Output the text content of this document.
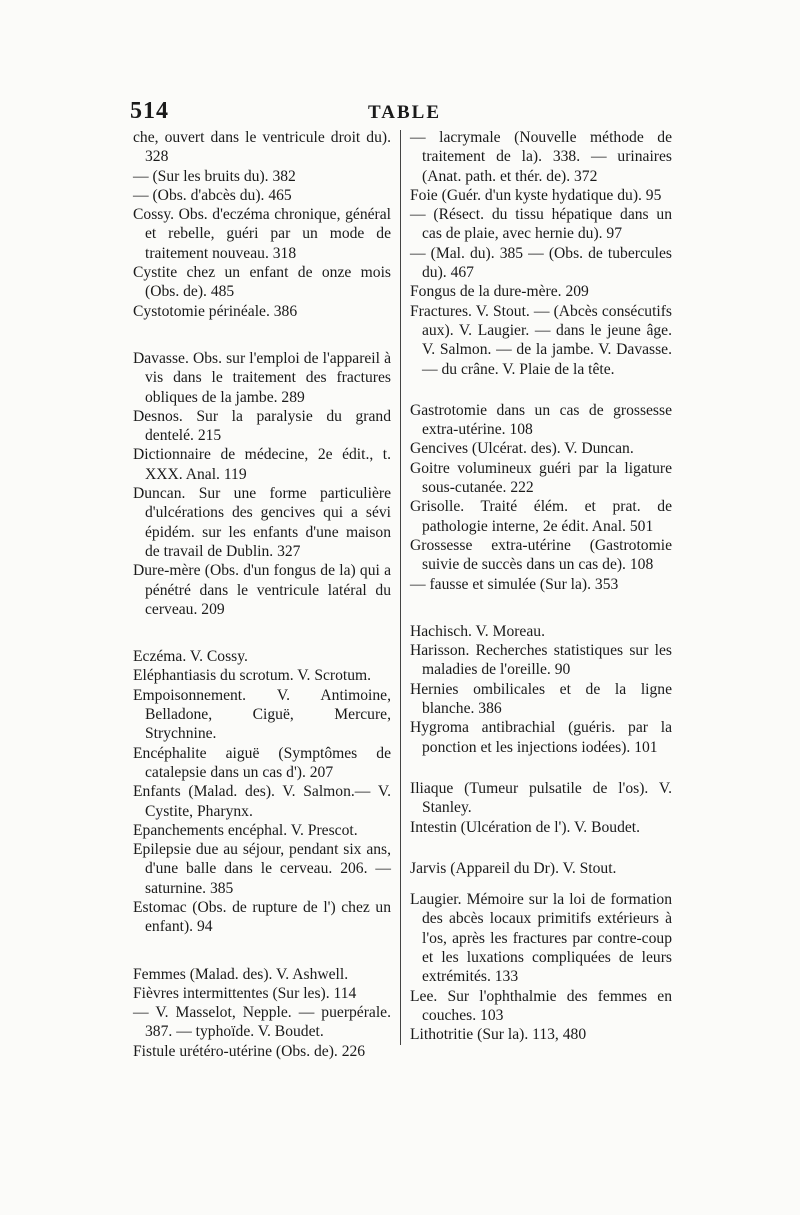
514	TABLE
che, ouvert dans le ventricule droit du). 328
— (Sur les bruits du). 382
— (Obs. d'abcès du). 465
Cossy. Obs. d'eczéma chronique, général et rebelle, guéri par un mode de traitement nouveau. 318
Cystite chez un enfant de onze mois (Obs. de). 485
Cystotomie périnéale. 386
Davasse. Obs. sur l'emploi de l'appareil à vis dans le traitement des fractures obliques de la jambe. 289
Desnos. Sur la paralysie du grand dentelé. 215
Dictionnaire de médecine, 2e édit., t. XXX. Anal. 119
Duncan. Sur une forme particulière d'ulcérations des gencives qui a sévi épidém. sur les enfants d'une maison de travail de Dublin. 327
Dure-mère (Obs. d'un fongus de la) qui a pénétré dans le ventricule latéral du cerveau. 209
Eczéma. V. Cossy.
Eléphantiasis du scrotum. V. Scrotum.
Empoisonnement. V. Antimoine, Belladone, Ciguë, Mercure, Strychnine.
Encéphalite aiguë (Symptômes de catalepsie dans un cas d'). 207
Enfants (Malad. des). V. Salmon.— V. Cystite, Pharynx.
Epanchements encéphal. V. Prescot.
Epilepsie due au séjour, pendant six ans, d'une balle dans le cerveau. 206. — saturnine. 385
Estomac (Obs. de rupture de l') chez un enfant). 94
Femmes (Malad. des). V. Ashwell.
Fièvres intermittentes (Sur les). 114
— V. Masselot, Nepple. — puerpérale. 387. — typhoïde. V. Boudet.
Fistule urétéro-utérine (Obs. de). 226
— lacrymale (Nouvelle méthode de traitement de la). 338. — urinaires (Anat. path. et thér. de). 372
Foie (Guér. d'un kyste hydatique du). 95
— (Résect. du tissu hépatique dans un cas de plaie, avec hernie du). 97
— (Mal. du). 385 — (Obs. de tubercules du). 467
Fongus de la dure-mère. 209
Fractures. V. Stout. — (Abcès consécutifs aux). V. Laugier. — dans le jeune âge. V. Salmon. — de la jambe. V. Davasse. — du crâne. V. Plaie de la tête.
Gastrotomie dans un cas de grossesse extra-utérine. 108
Gencives (Ulcérat. des). V. Duncan.
Goitre volumineux guéri par la ligature sous-cutanée. 222
Grisolle. Traité élém. et prat. de pathologie interne, 2e édit. Anal. 501
Grossesse extra-utérine (Gastrotomie suivie de succès dans un cas de). 108
— fausse et simulée (Sur la). 353
Hachisch. V. Moreau.
Harisson. Recherches statistiques sur les maladies de l'oreille. 90
Hernies ombilicales et de la ligne blanche. 386
Hygroma antibrachial (guéris. par la ponction et les injections iodées). 101
Iliaque (Tumeur pulsatile de l'os). V. Stanley.
Intestin (Ulcération de l'). V. Boudet.
Jarvis (Appareil du Dr). V. Stout.
Laugier. Mémoire sur la loi de formation des abcès locaux primitifs extérieurs à l'os, après les fractures par contre-coup et les luxations compliquées de leurs extrémités. 133
Lee. Sur l'ophthalmie des femmes en couches. 103
Lithotritie (Sur la). 113, 480
